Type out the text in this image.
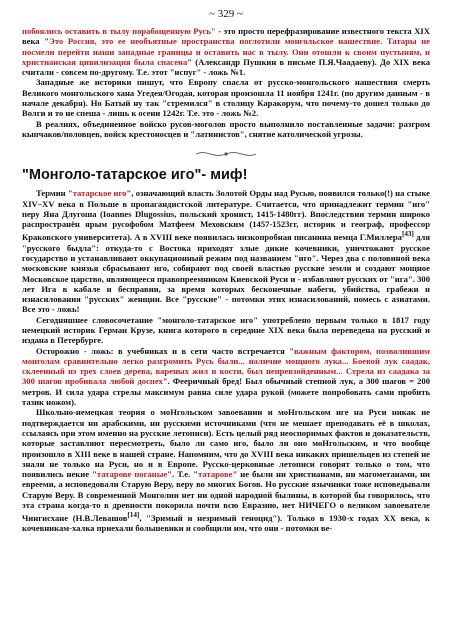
~ 329 ~

побоялись оставить в тылу порабощенную Русь" - это просто перефразирование известного текста XIX века "Это Россия, это ее необъятные пространства поглотили монгольское нашествие. Татары не посмели перейти наши западные границы и оставить нас в тылу. Они отошли к своим пустыням, и христианская цивилизация была спасена" (Александр Пушкин в письме П.Я.Чаадаеву). До XIX века считали - совсем по-другому. Т.е. этот "испуг" - ложь №1.

Западные же историки пишут, что Европу спасла от русско-монгольского нашествия смерть Великого монгольского хана Угедея/Огодая, которая произошла 11 ноября 1241г. (по другим данным - в начале декабря). Но Батый ну так "стремился" в столицу Каракорум, что почему-то дошел только до Волги и то не спеша - лишь к осени 1242г. Т.е. это - ложь №2.

В реалиях, объединенное войско русов-моголов просто выполнило поставленные задачи: разгром кыпчаков/половцев, войск крестоносцев и "латинистов", снятие католической угрозы.

"Монголо-татарское иго"- миф!

Термин "татарское иго", означающий власть Золотой Орды над Русью, появился только(!) на стыке XIV–XV века в Польше в пропагандистской литературе. Считается, что принадлежит термин "иго" перу Яна Длугоша (Ioannes Dlugossius, польский хронист, 1415-1480гг). Впоследствии термин широко распространён ярым русофобом Матфеем Меховским (1457-1523гг, историк и географ, профессор Краковского университета). А в XVIII веке появилась низкопробная писанина немца Г.Миллера[43] для "русского быдла": откуда-то с Востока приходят злые дикие кочевники, уничтожают русское государство и устанавливают оккупационный режим под названием "иго". Через два с половиной века московские князья сбрасывают иго, собирают под своей властью русские земли и создают мощное Московское царство, являющееся правопреемником Киевской Руси и - избавляют русских от "ига". 300 лет Ига в кабале и бесправии, за время которых бесконечные набеги, убийства, грабежи и изнасилования "русских" женщин. Все "русские" - потомки этих изнасилований, помесь с азиатами. Все это - ложь!

Сегодняшнее словосочетание "монголо-татарское иго" употреблено первым только в 1817 году немецкий историк Герман Крузе, книга которого в середине XIX века была переведена на русский и издана в Петербурге.

Осторожно - ложь: в учебниках и в сети часто встречается "важным фактором, позволившим монголам сравнительно легко разгромить Русь были... наличие мощного лука... Боевой лук саадак, склеенный из трех слоев дерева, вареных жил и кости, был непревзойденным... Стрела из саадака за 300 шагов пробивала любой доспех". Фееричный бред! Был обычный степной лук, а 300 шагов = 200 метров. И сила удара стрелы максимум равна силе удара рукой (можете попробовать сами пробить тазик ножом).

Школьно-немецкая теория о моНгольском завоевании и моНгольском иге на Руси никак не подтверждается ни арабскими, ни русскими источниками (что не мешает преподавать её в школах, ссылаясь при этом именно на русские летописи). Есть целый ряд неоспоримых фактов и доказательств, которые заставляют пересмотреть, было ли само иго, было ли оно моНгольским, и что вообще произошло в XIII веке в нашей стране. Напомним, что до XVIII века никаких пришельцев из степей не знали не только на Руси, но и в Европе. Русско-церковные летописи говорят только о том, что появились некие "татарове поганые". Т.е. "татарове" не были ни христианами, ни магометанами, ни еврееми, а исповедовали Старую Веру, веру во многих Богов. Но русские язычники тоже исповедывали Старую Веру. В современной Монголии нет ни одной народной былины, в которой бы говорилось, что эта страна когда-то в древности покорила почти всю Евразию, нет НИЧЕГО о великом завоевателе Чингисхане (Н.В.Левашов[14], "Зримый и незримый геноцид"). Только в 1930-х годах XX века, к кочевникам-халка приехали большевики и сообщили им, что они - потомки ве-
